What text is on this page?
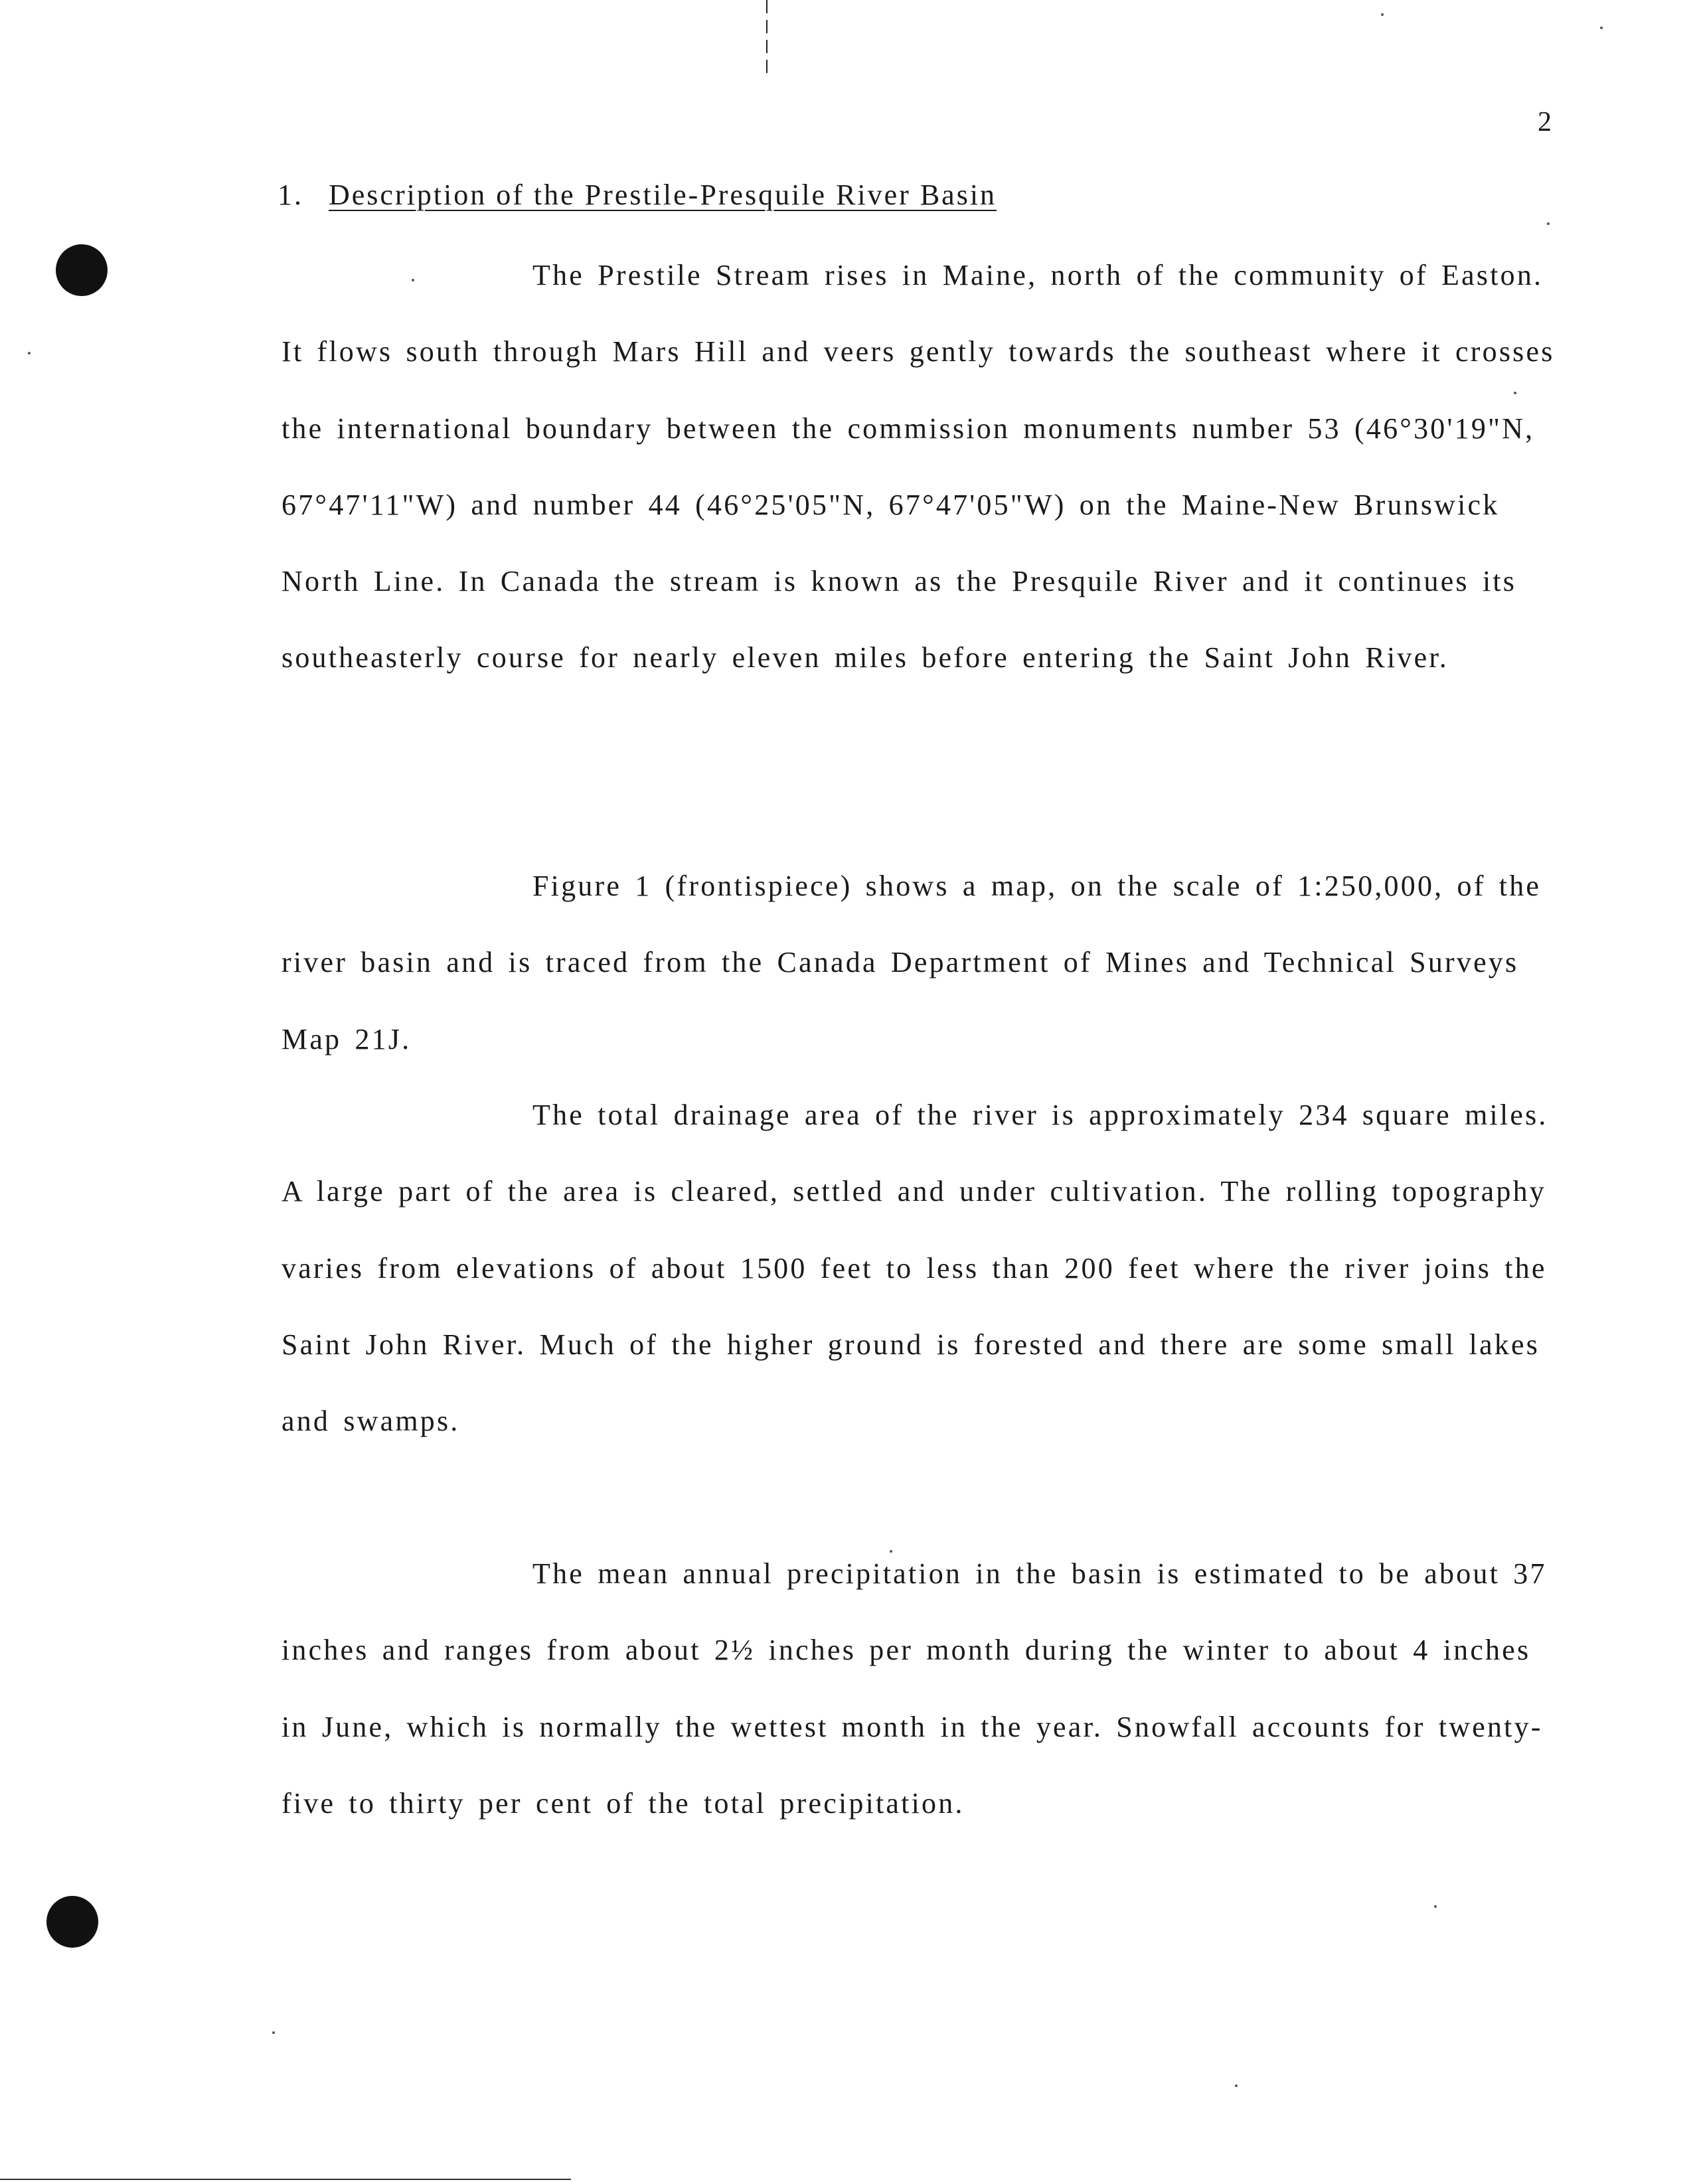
2
1. Description of the Prestile-Presquile River Basin

The Prestile Stream rises in Maine, north of the community of Easton. It flows south through Mars Hill and veers gently towards the southeast where it crosses the international boundary between the commission monuments number 53 (46°30'19"N, 67°47'11"W) and number 44 (46°25'05"N, 67°47'05"W) on the Maine-New Brunswick North Line. In Canada the stream is known as the Presquile River and it continues its southeasterly course for nearly eleven miles before entering the Saint John River.

Figure 1 (frontispiece) shows a map, on the scale of 1:250,000, of the river basin and is traced from the Canada Department of Mines and Technical Surveys Map 21J.

The total drainage area of the river is approximately 234 square miles. A large part of the area is cleared, settled and under cultivation. The rolling topography varies from elevations of about 1500 feet to less than 200 feet where the river joins the Saint John River. Much of the higher ground is forested and there are some small lakes and swamps.

The mean annual precipitation in the basin is estimated to be about 37 inches and ranges from about 2½ inches per month during the winter to about 4 inches in June, which is normally the wettest month in the year. Snowfall accounts for twenty-five to thirty per cent of the total precipitation.
